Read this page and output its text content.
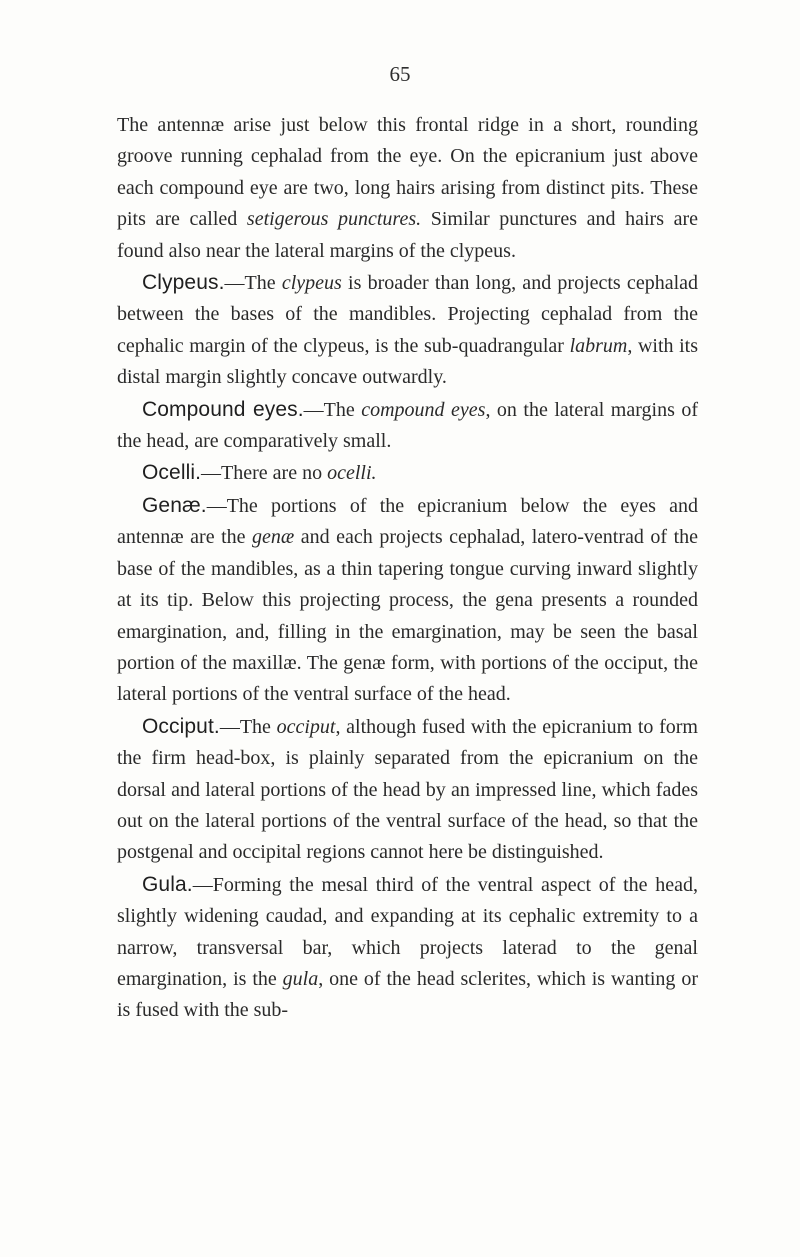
65

The antennæ arise just below this frontal ridge in a short, rounding groove running cephalad from the eye. On the epicranium just above each compound eye are two, long hairs arising from distinct pits. These pits are called setigerous punctures. Similar punctures and hairs are found also near the lateral margins of the clypeus.

Clypeus.—The clypeus is broader than long, and projects cephalad between the bases of the mandibles. Projecting cephalad from the cephalic margin of the clypeus, is the sub-quadrangular labrum, with its distal margin slightly concave outwardly.

Compound eyes.—The compound eyes, on the lateral margins of the head, are comparatively small.

Ocelli.—There are no ocelli.

Genæ.—The portions of the epicranium below the eyes and antennæ are the genæ and each projects cephalad, latero-ventrad of the base of the mandibles, as a thin tapering tongue curving inward slightly at its tip. Below this projecting process, the gena presents a rounded emargination, and, filling in the emargination, may be seen the basal portion of the maxillæ. The genæ form, with portions of the occiput, the lateral portions of the ventral surface of the head.

Occiput.—The occiput, although fused with the epicranium to form the firm head-box, is plainly separated from the epicranium on the dorsal and lateral portions of the head by an impressed line, which fades out on the lateral portions of the ventral surface of the head, so that the postgenal and occipital regions cannot here be distinguished.

Gula.—Forming the mesal third of the ventral aspect of the head, slightly widening caudad, and expanding at its cephalic extremity to a narrow, transversal bar, which projects laterad to the genal emargination, is the gula, one of the head sclerites, which is wanting or is fused with the sub-
